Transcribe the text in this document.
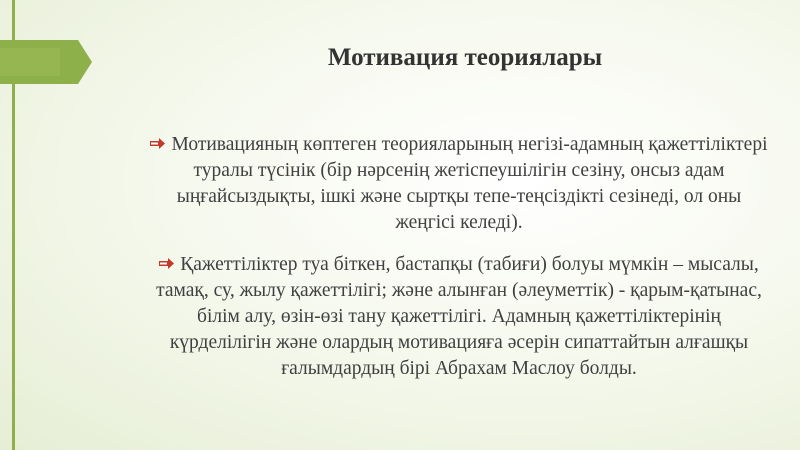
Мотивация теориялары

Мотивацияның көптеген теорияларының негізі-адамның қажеттіліктері туралы түсінік (бір нәрсенің жетіспеушілігін сезіну, онсыз адам ыңғайсыздықты, ішкі және сыртқы тепе-теңсіздікті сезінеді, ол оны жеңгісі келеді).

Қажеттіліктер туа біткен, бастапқы (табиғи) болуы мүмкін – мысалы, тамақ, су, жылу қажеттілігі; және алынған (әлеуметтік) - қарым-қатынас, білім алу, өзін-өзі тану қажеттілігі. Адамның қажеттіліктерінің күрделілігін және олардың мотивацияға әсерін сипаттайтын алғашқы ғалымдардың бірі Абрахам Маслоу болды.
